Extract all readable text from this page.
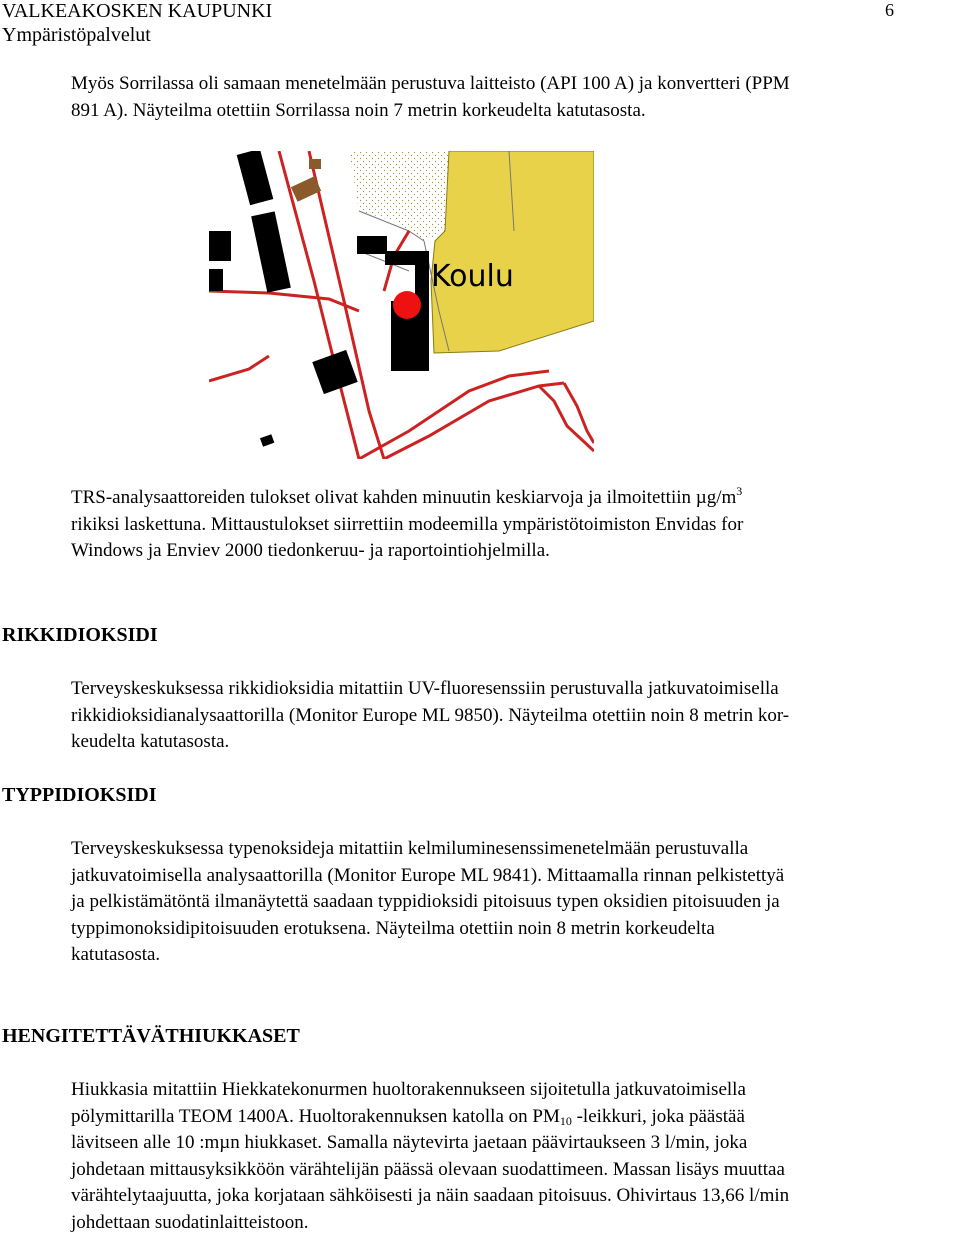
VALKEAKOSKEN KAUPUNKI
Ympäristöpalvelut
6
Myös Sorrilassa oli samaan menetelmään perustuva laitteisto (API 100 A) ja konvertteri (PPM
891 A). Näyteilma otettiin Sorrilassa noin 7 metrin korkeudelta katutasosta.
Koulu
TRS-analysaattoreiden tulokset olivat kahden minuutin keskiarvoja ja ilmoitettiin $\mu g/m^3$
rikiksi laskettuna. Mittaustulokset siirrettiin modeemilla ympäristötoimiston Envidas for
Windows ja Enviev 2000 tiedonkeruu- ja raportointiohjelmilla.
RIKKIDIOKSIDI
Terveyskeskuksessa rikkidioksidia mitattiin UV-fluoresenssiin perustuvalla jatkuvatoimisella
rikkidioksidianalysaattorilla (Monitor Europe ML 9850). Näyteilma otettiin noin 8 metrin kor-
keudelta katutasosta.
TYPPIDIOKSIDI
Terveyskeskuksessa typenoksideja mitattiin kelmiluminesenssimenetelmään perustuvalla
jatkuvatoimisella analysaattorilla (Monitor Europe ML 9841). Mittaamalla rinnan pelkistettyä
ja pelkistämätöntä ilmanäytettä saadaan typpidioksidi pitoisuus typen oksidien pitoisuuden ja
typpimonoksidipitoisuuden erotuksena. Näyteilma otettiin noin 8 metrin korkeudelta
katutasosta.
HENGITETTÄVÄTHIUKKASET
Hiukkasia mitattiin Hiekkatekonurmen huoltorakennukseen sijoitetulla jatkuvatoimisella
pölymittarilla TEOM 1400A. Huoltorakennuksen katolla on $PM_{10}$ -leikkuri, joka päästää
lävitseen alle 10 :mµn hiukkaset. Samalla näytevirta jaetaan päävirtaukseen 3 l/min, joka
johdetaan mittausyksikköön värähtelijän päässä olevaan suodattimeen. Massan lisäys muuttaa
värähtelytaajuutta, joka korjataan sähköisesti ja näin saadaan pitoisuus. Ohivirtaus 13,66 l/min
johdettaan suodatinlaitteistoon.
